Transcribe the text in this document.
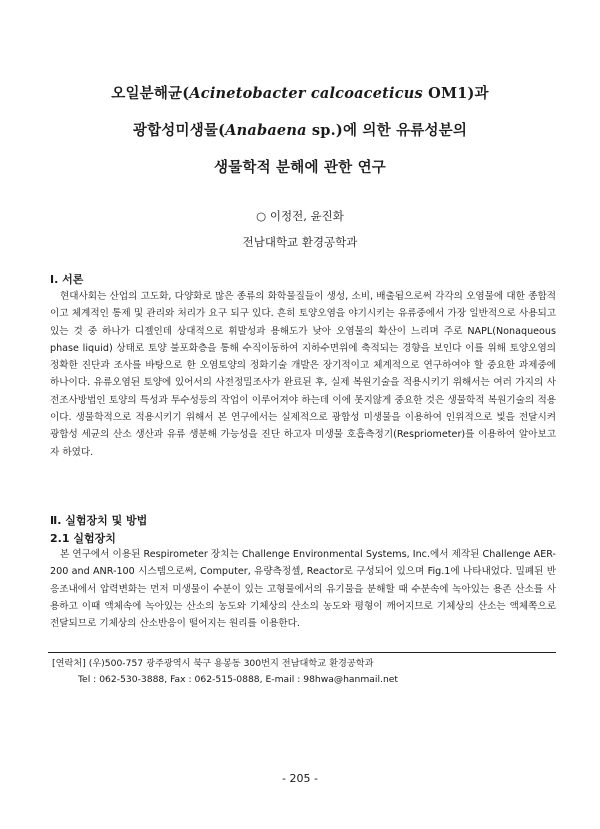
오일분해균(Acinetobacter calcoaceticus OM1)과
광합성미생물(Anabaena sp.)에 의한 유류성분의
생물학적 분해에 관한 연구
○ 이정전, 윤진화
전남대학교 환경공학과
Ⅰ. 서론
현대사회는 산업의 고도화, 다양화로 많은 종류의 화학물질들이 생성, 소비, 배출됨으로써 각각의 오염물에 대한 종합적이고 체계적인 통제 및 관리와 처리가 요구 되구 있다. 흔히 토양오염을 야기시키는 유류중에서 가장 일반적으로 사용되고 있는 것 중 하나가 디젤인데 상대적으로 휘발성과 용해도가 낮아 오염물의 확산이 느리며 주로 NAPL(Nonaqueous phase liquid) 상태로 토양 불포화층을 통해 수직이동하여 지하수면위에 축적되는 경향을 보인다 이를 위해 토양오염의 정확한 진단과 조사를 바탕으로 한 오염토양의 정화기술 개발은 장기적이고 체계적으로 연구하여야 할 중요한 과제중에 하나이다. 유류오염된 토양에 있어서의 사전정밀조사가 완료된 후, 실제 복원기술을 적용시키기 위해서는 여러 가지의 사전조사방법인 토양의 특성과 투수성등의 작업이 이루어져야 하는데 이에 못지않게 중요한 것은 생물학적 복원기술의 적용이다. 생물학적으로 적용시키기 위해서 본 연구에서는 실제적으로 광합성 미생물을 이용하여 인위적으로 빛을 전달시켜 광합성 세균의 산소 생산과 유류 생분해 가능성을 진단 하고자 미생물 호흡측정기(Respriometer)를 이용하여 알아보고자 하였다.
Ⅱ. 실험장치 및 방법
2.1 실험장치
본 연구에서 이용된 Respirometer 장치는 Challenge Environmental Systems, Inc.에서 제작된 Challenge AER-200 and ANR-100 시스템으로써, Computer, 유량측정셀, Reactor로 구성되어 있으며 Fig.1에 나타내었다. 밀폐된 반응조내에서 압력변화는 먼저 미생물이 수분이 있는 고형물에서의 유기물을 분해할 때 수분속에 녹아있는 용존 산소를 사용하고 이때 액체속에 녹아있는 산소의 농도와 기체상의 산소의 농도와 평형이 깨어지므로 기체상의 산소는 액체쪽으로 전달되므로 기체상의 산소반응이 떨어지는 원리를 이용한다.
[연락처] (우)500-757 광주광역시 북구 용봉동 300번지 전남대학교 환경공학과
Tel : 062-530-3888, Fax : 062-515-0888, E-mail : 98hwa@hanmail.net
- 205 -
